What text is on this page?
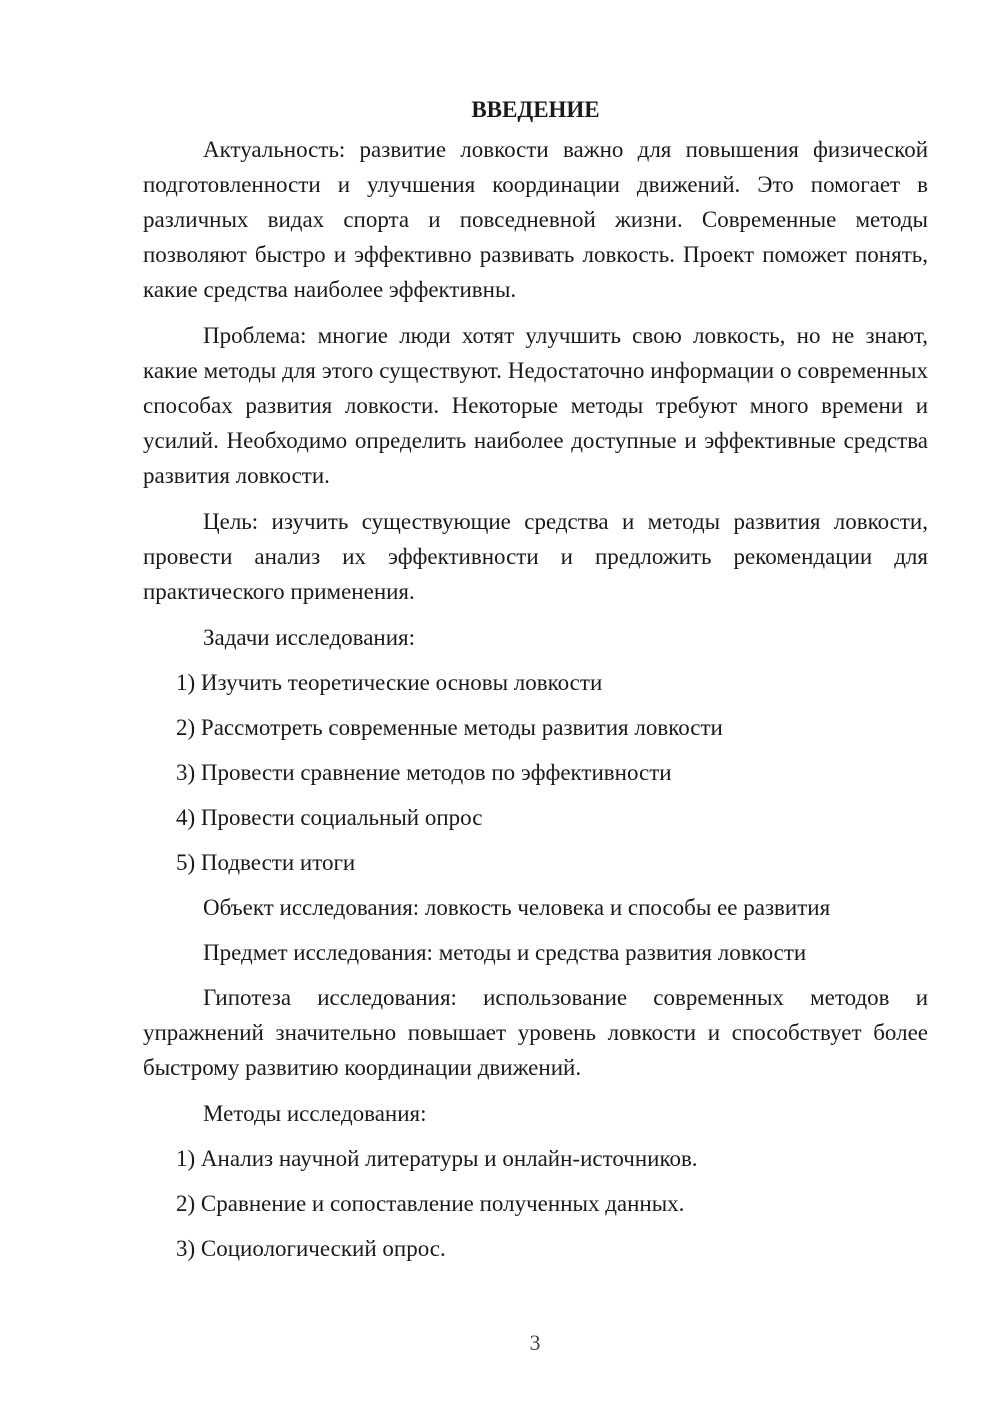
ВВЕДЕНИЕ

Актуальность: развитие ловкости важно для повышения физической подготовленности и улучшения координации движений. Это помогает в различных видах спорта и повседневной жизни. Современные методы позволяют быстро и эффективно развивать ловкость. Проект поможет понять, какие средства наиболее эффективны.

Проблема: многие люди хотят улучшить свою ловкость, но не знают, какие методы для этого существуют. Недостаточно информации о современных способах развития ловкости. Некоторые методы требуют много времени и усилий. Необходимо определить наиболее доступные и эффективные средства развития ловкости.

Цель: изучить существующие средства и методы развития ловкости, провести анализ их эффективности и предложить рекомендации для практического применения.

Задачи исследования:
1) Изучить теоретические основы ловкости
2) Рассмотреть современные методы развития ловкости
3) Провести сравнение методов по эффективности
4) Провести социальный опрос
5) Подвести итоги
Объект исследования: ловкость человека и способы ее развития
Предмет исследования: методы и средства развития ловкости

Гипотеза исследования: использование современных методов и упражнений значительно повышает уровень ловкости и способствует более быстрому развитию координации движений.

Методы исследования:
1) Анализ научной литературы и онлайн-источников.
2) Сравнение и сопоставление полученных данных.
3) Социологический опрос.
3
